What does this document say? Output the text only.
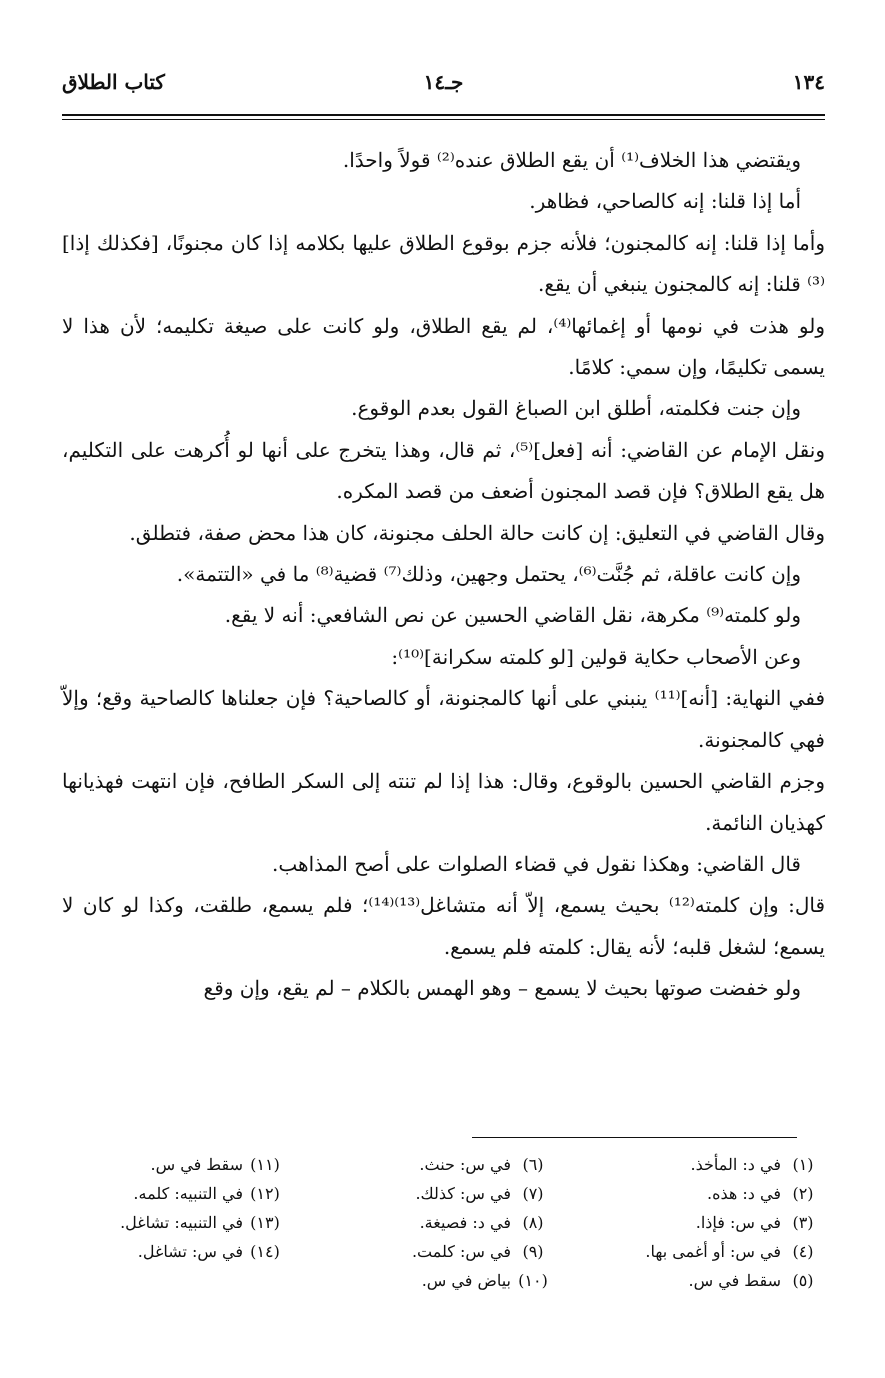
١٣٤
جـ١٤
كتاب الطلاق

ويقتضي هذا الخلاف⁽¹⁾ أن يقع الطلاق عنده⁽²⁾ قولاً واحدًا.

أما إذا قلنا: إنه كالصاحي، فظاهر.

وأما إذا قلنا: إنه كالمجنون؛ فلأنه جزم بوقوع الطلاق عليها بكلامه إذا كان مجنونًا، [فكذلك إذا]⁽³⁾ قلنا: إنه كالمجنون ينبغي أن يقع.

ولو هذت في نومها أو إغمائها⁽⁴⁾، لم يقع الطلاق، ولو كانت على صيغة تكليمه؛ لأن هذا لا يسمى تكليمًا، وإن سمي: كلامًا.

وإن جنت فكلمته، أطلق ابن الصباغ القول بعدم الوقوع.

ونقل الإمام عن القاضي: أنه [فعل]⁽⁵⁾، ثم قال، وهذا يتخرج على أنها لو أُكرهت على التكليم، هل يقع الطلاق؟ فإن قصد المجنون أضعف من قصد المكره.

وقال القاضي في التعليق: إن كانت حالة الحلف مجنونة، كان هذا محض صفة، فتطلق.

وإن كانت عاقلة، ثم جُنَّت⁽⁶⁾، يحتمل وجهين، وذلك⁽⁷⁾ قضية⁽⁸⁾ ما في «التتمة».

ولو كلمته⁽⁹⁾ مكرهة، نقل القاضي الحسين عن نص الشافعي: أنه لا يقع.

وعن الأصحاب حكاية قولين [لو كلمته سكرانة]⁽¹⁰⁾:

ففي النهاية: [أنه]⁽¹¹⁾ ينبني على أنها كالمجنونة، أو كالصاحية؟ فإن جعلناها كالصاحية وقع؛ وإلاّ فهي كالمجنونة.

وجزم القاضي الحسين بالوقوع، وقال: هذا إذا لم تنته إلى السكر الطافح، فإن انتهت فهذيانها كهذيان النائمة.

قال القاضي: وهكذا نقول في قضاء الصلوات على أصح المذاهب.

قال: وإن كلمته⁽¹²⁾ بحيث يسمع، إلاّ أنه متشاغل⁽¹³⁾⁽¹⁴⁾؛ فلم يسمع، طلقت، وكذا لو كان لا يسمع؛ لشغل قلبه؛ لأنه يقال: كلمته فلم يسمع.

ولو خفضت صوتها بحيث لا يسمع – وهو الهمس بالكلام – لم يقع، وإن وقع

(١)في د: المأخذ.
(٢)في د: هذه.
(٣)في س: فإذا.
(٤)في س: أو أغمى بها.
(٥)سقط في س.
(٦)في س: حنث.
(٧)في س: كذلك.
(٨)في د: فصيغة.
(٩)في س: كلمت.
(١٠)بياض في س.
(١١)سقط في س.
(١٢)في التنبيه: كلمه.
(١٣)في التنبيه: تشاغل.
(١٤)في س: تشاغل.
